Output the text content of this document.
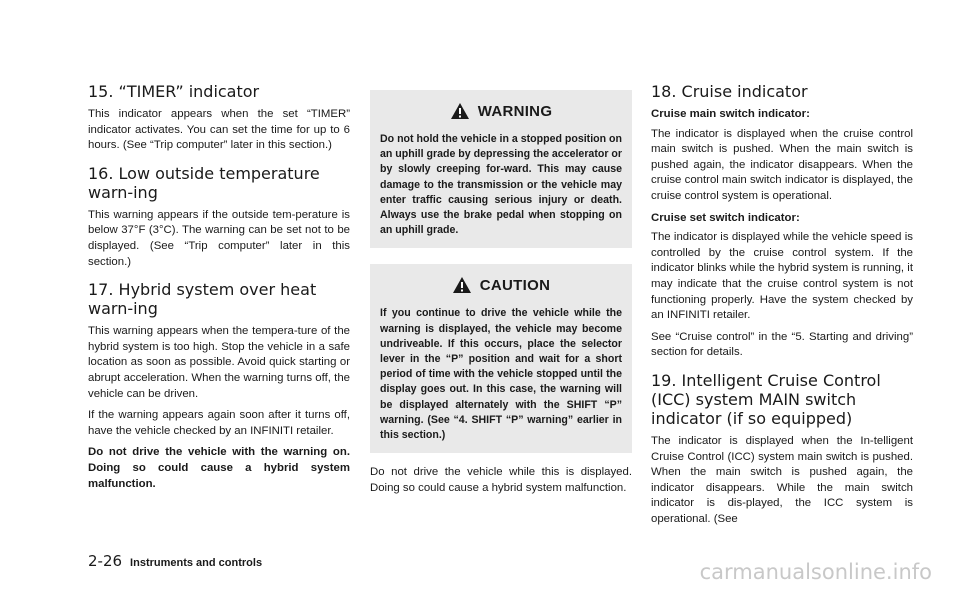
15. “TIMER” indicator

This indicator appears when the set “TIMER” indicator activates. You can set the time for up to 6 hours. (See “Trip computer” later in this section.)

16. Low outside temperature warn-ing

This warning appears if the outside tem-perature is below 37°F (3°C). The warning can be set not to be displayed. (See “Trip computer” later in this section.)

17. Hybrid system over heat warn-ing

This warning appears when the tempera-ture of the hybrid system is too high. Stop the vehicle in a safe location as soon as possible. Avoid quick starting or abrupt acceleration. When the warning turns off, the vehicle can be driven.

If the warning appears again soon after it turns off, have the vehicle checked by an INFINITI retailer.

Do not drive the vehicle with the warning on. Doing so could cause a hybrid system malfunction.

WARNING

Do not hold the vehicle in a stopped position on an uphill grade by depressing the accelerator or by slowly creeping for-ward. This may cause damage to the transmission or the vehicle may enter traffic causing serious injury or death. Always use the brake pedal when stopping on an uphill grade.

CAUTION

If you continue to drive the vehicle while the warning is displayed, the vehicle may become undriveable. If this occurs, place the selector lever in the “P” position and wait for a short period of time with the vehicle stopped until the display goes out. In this case, the warning will be displayed alternately with the SHIFT “P” warning. (See “4. SHIFT “P” warning” earlier in this section.)

Do not drive the vehicle while this is displayed. Doing so could cause a hybrid system malfunction.

18. Cruise indicator

Cruise main switch indicator:

The indicator is displayed when the cruise control main switch is pushed. When the main switch is pushed again, the indicator disappears. When the cruise control main switch indicator is displayed, the cruise control system is operational.

Cruise set switch indicator:

The indicator is displayed while the vehicle speed is controlled by the cruise control system. If the indicator blinks while the hybrid system is running, it may indicate that the cruise control system is not functioning properly. Have the system checked by an INFINITI retailer.

See “Cruise control” in the “5. Starting and driving” section for details.

19. Intelligent Cruise Control (ICC) system MAIN switch indicator (if so equipped)

The indicator is displayed when the In-telligent Cruise Control (ICC) system main switch is pushed. When the main switch is pushed again, the indicator disappears. While the main switch indicator is dis-played, the ICC system is operational. (See

2-26 Instruments and controls	carmanualsonline.info
